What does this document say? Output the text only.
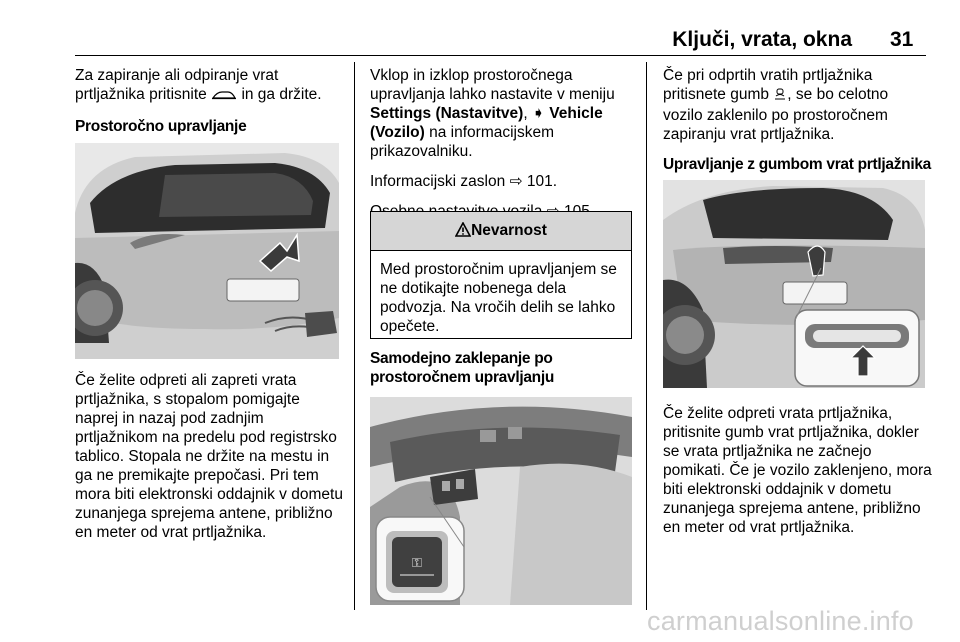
Ključi, vrata, okna 31

Za zapiranje ali odpiranje vrat prtljažnika pritisnite in ga držite.

Prostoročno upravljanje

Če želite odpreti ali zapreti vrata prtljažnika, s stopalom pomigajte naprej in nazaj pod zadnjim prtljažnikom na predelu pod registrsko tablico. Stopala ne držite na mestu in ga ne premikajte prepočasi. Pri tem mora biti elektronski oddajnik v dometu zunanjega sprejema antene, približno en meter od vrat prtljažnika.

Vklop in izklop prostoročnega upravljanja lahko nastavite v meniju Settings (Nastavitve), ➧ Vehicle (Vozilo) na informacijskem prikazovalniku.

Informacijski zaslon ⇨ 101.

Nevarnost
Med prostoročnim upravljanjem se ne dotikajte nobenega dela podvozja. Na vročih delih se lahko opečete.
Samodejno zaklepanje po prostoročnem upravljanju
⚿

Če pri odprtih vratih prtljažnika pritisnete gumb , se bo celotno vozilo zaklenilo po prostoročnem zapiranju vrat prtljažnika.

Upravljanje z gumbom vrat prtljažnika

Če želite odpreti vrata prtljažnika, pritisnite gumb vrat prtljažnika, dokler se vrata prtljažnika ne začnejo pomikati. Če je vozilo zaklenjeno, mora biti elektronski oddajnik v dometu zunanjega sprejema antene, približno en meter od vrat prtljažnika.

carmanualsonline.info
